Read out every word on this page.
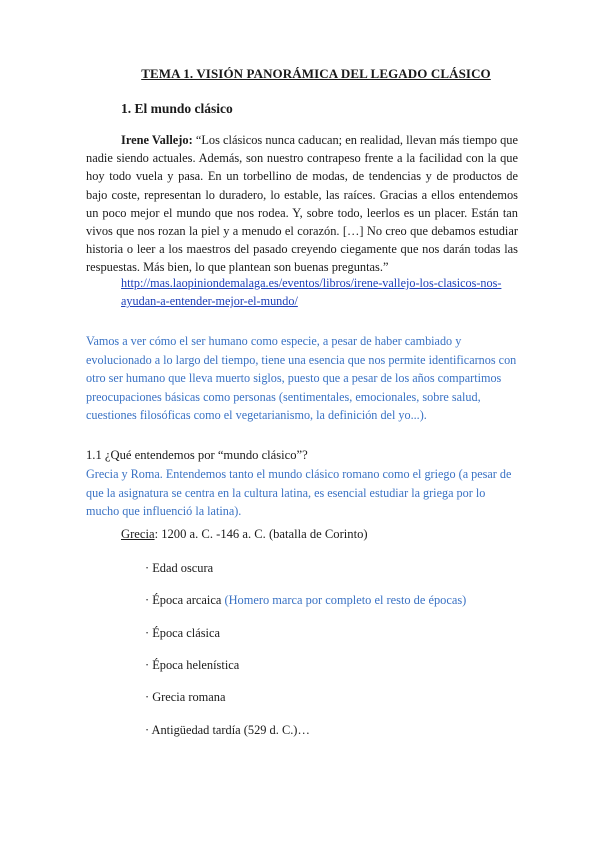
TEMA 1. VISIÓN PANORÁMICA DEL LEGADO CLÁSICO
1. El mundo clásico
Irene Vallejo: “Los clásicos nunca caducan; en realidad, llevan más tiempo que nadie siendo actuales. Además, son nuestro contrapeso frente a la facilidad con la que hoy todo vuela y pasa. En un torbellino de modas, de tendencias y de productos de bajo coste, representan lo duradero, lo estable, las raíces. Gracias a ellos entendemos un poco mejor el mundo que nos rodea. Y, sobre todo, leerlos es un placer. Están tan vivos que nos rozan la piel y a menudo el corazón. […] No creo que debamos estudiar historia o leer a los maestros del pasado creyendo ciegamente que nos darán todas las respuestas. Más bien, lo que plantean son buenas preguntas.”
http://mas.laopiniondemalaga.es/eventos/libros/irene-vallejo-los-clasicos-nos-ayudan-a-entender-mejor-el-mundo/
Vamos a ver cómo el ser humano como especie, a pesar de haber cambiado y evolucionado a lo largo del tiempo, tiene una esencia que nos permite identificarnos con otro ser humano que lleva muerto siglos, puesto que a pesar de los años compartimos preocupaciones básicas como personas (sentimentales, emocionales, sobre salud, cuestiones filosóficas como el vegetarianismo, la definición del yo...).
1.1 ¿Qué entendemos por “mundo clásico”?
Grecia y Roma. Entendemos tanto el mundo clásico romano como el griego (a pesar de que la asignatura se centra en la cultura latina, es esencial estudiar la griega por lo mucho que influenció la latina).
Grecia: 1200 a. C. -146 a. C. (batalla de Corinto)
· Edad oscura
· Época arcaica (Homero marca por completo el resto de épocas)
· Época clásica
· Época helenística
· Grecia romana
· Antigüedad tardía (529 d. C.)…
